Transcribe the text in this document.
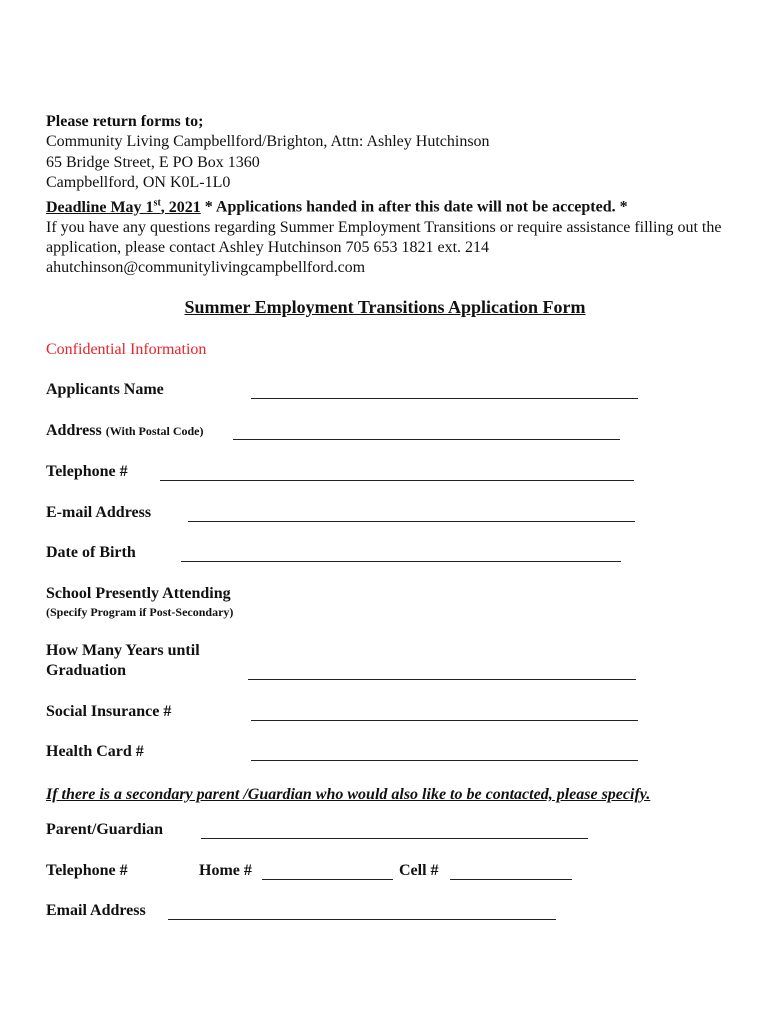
Please return forms to;
Community Living Campbellford/Brighton, Attn: Ashley Hutchinson
65 Bridge Street, E PO Box 1360
Campbellford, ON K0L-1L0
Deadline May 1st, 2021 * Applications handed in after this date will not be accepted. *
If you have any questions regarding Summer Employment Transitions or require assistance filling out the application, please contact Ashley Hutchinson 705 653 1821 ext. 214
ahutchinson@communitylivingcampbellford.com
Summer Employment Transitions Application Form
Confidential Information
Applicants Name
Address (With Postal Code)
Telephone #
E-mail Address
Date of Birth
School Presently Attending
(Specify Program if Post-Secondary)
How Many Years until
Graduation
Social Insurance #
Health Card #
If there is a secondary parent /Guardian who would also like to be contacted, please specify.
Parent/Guardian
Telephone #	Home #	Cell #
Email Address
